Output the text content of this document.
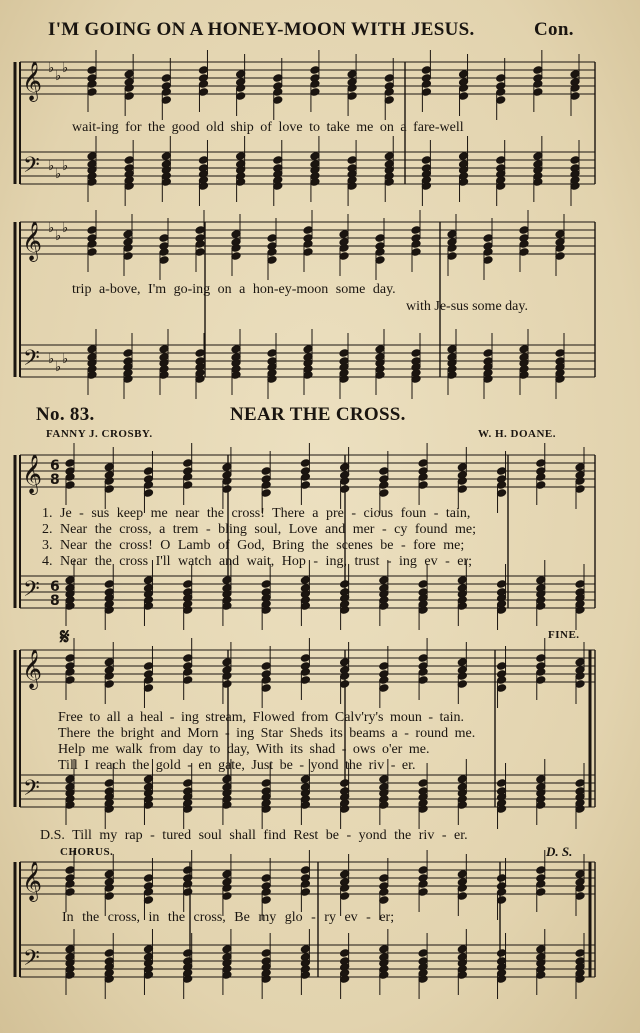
𝄞
𝄢
♭
♭
♭
♭
♭
♭
𝄞
𝄢
♭
♭
♭
♭
♭
♭
𝄞
𝄢
6
8
6
8
𝄞
𝄢
𝄞
𝄢
I'M GOING ON A HONEY-MOON WITH JESUS.	Con.
wait-ing for the good old ship of love to take me on a fare-well
trip a-bove, I'm go-ing on a hon-ey-moon some day.
with Je-sus some day.
No. 83.	NEAR THE CROSS.
FANNY J. CROSBY.	W. H. DOANE.
1. Je - sus keep me near the cross! There a pre - cious foun - tain,
2. Near the cross, a trem - bling soul, Love and mer - cy found me;
3. Near the cross! O Lamb of God, Bring the scenes be - fore me;
4. Near the cross I'll watch and wait, Hop - ing, trust - ing ev - er;
𝄋	FINE.
Free to all a heal - ing stream, Flowed from Calv'ry's moun - tain.
There the bright and Morn - ing Star Sheds its beams a - round me.
Help me walk from day to day, With its shad - ows o'er me.
Till I reach the gold - en gate, Just be - yond the riv - er.
D.S. Till my rap - tured soul shall find Rest be - yond the riv - er.
CHORUS.	D. S.
In the cross, in the cross, Be my glo - ry ev - er;
